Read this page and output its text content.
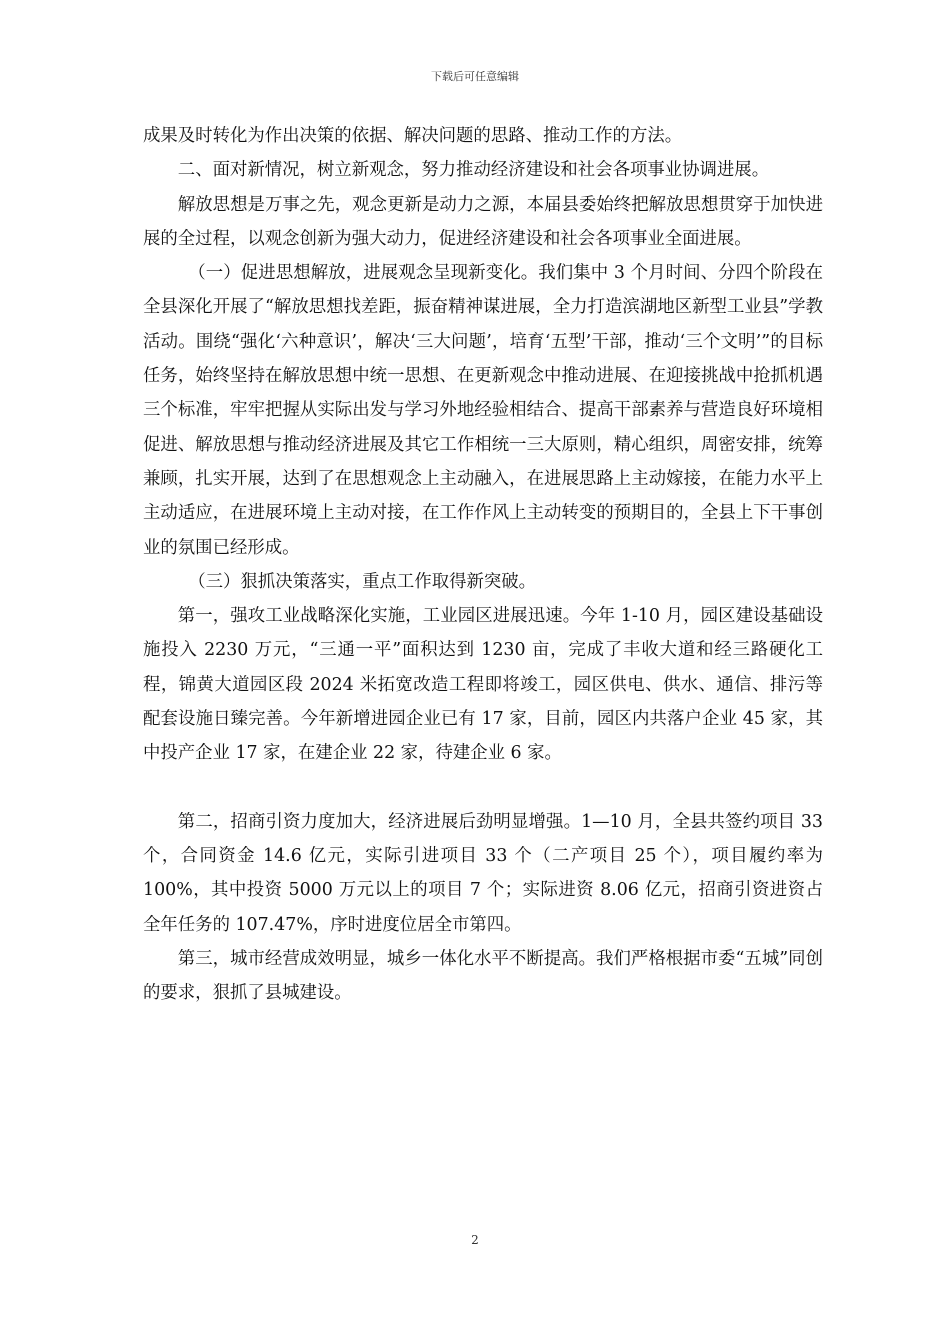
下载后可任意编辑

成果及时转化为作出决策的依据、解决问题的思路、推动工作的方法。

二、面对新情况，树立新观念，努力推动经济建设和社会各项事业协调进展。

解放思想是万事之先，观念更新是动力之源，本届县委始终把解放思想贯穿于加快进展的全过程，以观念创新为强大动力，促进经济建设和社会各项事业全面进展。

（一）促进思想解放，进展观念呈现新变化。我们集中 3 个月时间、分四个阶段在全县深化开展了“解放思想找差距，振奋精神谋进展，全力打造滨湖地区新型工业县”学教活动。围绕“强化‘六种意识’，解决‘三大问题’，培育‘五型’干部，推动‘三个文明’”的目标任务，始终坚持在解放思想中统一思想、在更新观念中推动进展、在迎接挑战中抢抓机遇三个标准，牢牢把握从实际出发与学习外地经验相结合、提高干部素养与营造良好环境相促进、解放思想与推动经济进展及其它工作相统一三大原则，精心组织，周密安排，统筹兼顾，扎实开展，达到了在思想观念上主动融入，在进展思路上主动嫁接，在能力水平上主动适应，在进展环境上主动对接，在工作作风上主动转变的预期目的，全县上下干事创业的氛围已经形成。

（三）狠抓决策落实，重点工作取得新突破。

第一，强攻工业战略深化实施，工业园区进展迅速。今年 1-10 月，园区建设基础设施投入 2230 万元，“三通一平”面积达到 1230 亩，完成了丰收大道和经三路硬化工程，锦黄大道园区段 2024 米拓宽改造工程即将竣工，园区供电、供水、通信、排污等配套设施日臻完善。今年新增进园企业已有 17 家，目前，园区内共落户企业 45 家，其中投产企业 17 家，在建企业 22 家，待建企业 6 家。

第二，招商引资力度加大，经济进展后劲明显增强。1—10 月，全县共签约项目 33 个，合同资金 14.6 亿元，实际引进项目 33 个（二产项目 25 个），项目履约率为 100%，其中投资 5000 万元以上的项目 7 个；实际进资 8.06 亿元，招商引资进资占全年任务的 107.47%，序时进度位居全市第四。

第三，城市经营成效明显，城乡一体化水平不断提高。我们严格根据市委“五城”同创的要求，狠抓了县城建设。

2
